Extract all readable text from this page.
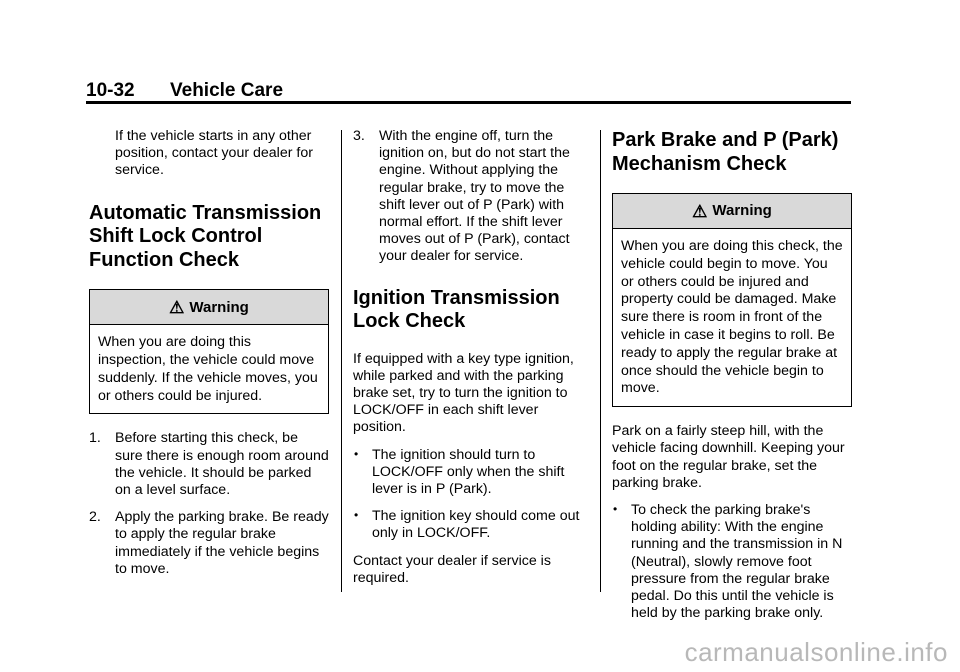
10-32 Vehicle Care

If the vehicle starts in any other position, contact your dealer for service.

Automatic Transmission Shift Lock Control Function Check
⚠ Warning
When you are doing this inspection, the vehicle could move suddenly. If the vehicle moves, you or others could be injured.
1. Before starting this check, be sure there is enough room around the vehicle. It should be parked on a level surface.
2. Apply the parking brake. Be ready to apply the regular brake immediately if the vehicle begins to move.
3. With the engine off, turn the ignition on, but do not start the engine. Without applying the regular brake, try to move the shift lever out of P (Park) with normal effort. If the shift lever moves out of P (Park), contact your dealer for service.
Ignition Transmission Lock Check

If equipped with a key type ignition, while parked and with the parking brake set, try to turn the ignition to LOCK/OFF in each shift lever position.

• The ignition should turn to LOCK/OFF only when the shift lever is in P (Park).
• The ignition key should come out only in LOCK/OFF.

Contact your dealer if service is required.

Park Brake and P (Park) Mechanism Check
⚠ Warning
When you are doing this check, the vehicle could begin to move. You or others could be injured and property could be damaged. Make sure there is room in front of the vehicle in case it begins to roll. Be ready to apply the regular brake at once should the vehicle begin to move.

Park on a fairly steep hill, with the vehicle facing downhill. Keeping your foot on the regular brake, set the parking brake.

• To check the parking brake's holding ability: With the engine running and the transmission in N (Neutral), slowly remove foot pressure from the regular brake pedal. Do this until the vehicle is held by the parking brake only.
carmanualsonline.info
